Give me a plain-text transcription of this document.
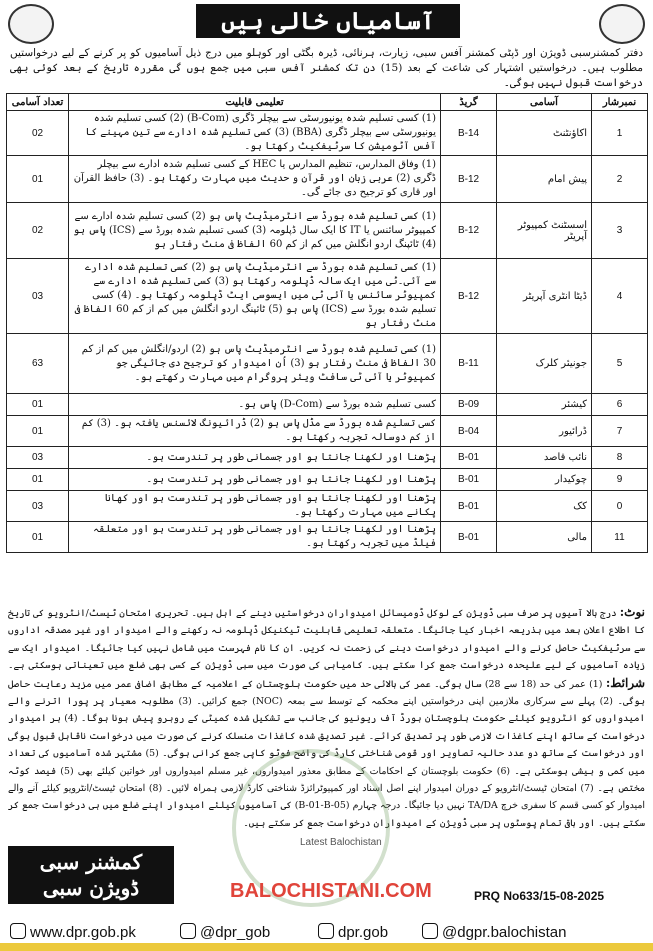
آسامیاں خالی ہیں
دفتر کمشنرسبی ڈویژن اور ڈپٹی کمشنر آفس سبی، زیارت، ہرنائی، ڈیرہ بگٹی اور کوہلو میں درج ذیل آسامیوں کو پر کرنے کے لیے درخواستیں مطلوب ہیں۔ درخواستیں اشتہار کی شاعت کے بعد (15) دن تک کمشنر آفس سبی میں جمع ہوں گی مقررہ تاریخ کے بعد کوئی بھی درخواست قبول نہیں ہوگی۔
تعداد آسامی	تعلیمی قابلیت	گریڈ	آسامی	نمبرشار
02	(1) کسی تسلیم شدہ یونیورسٹی سے بیچلر ڈگری (B-Com) (2) کسی تسلیم شدہ یونیورسٹی سے بیچلر ڈگری (BBA) (3) کسی تسلیم شدہ ادارے سے تین مہینے کا آفس آٹومیشن کا سرٹیفکیٹ رکھتا ہو۔	B-14	اکاؤنٹنٹ	1
01	(1) وفاق المدارس، تنظیم المدارس یا HEC کے کسی تسلیم شدہ ادارے سے بیچلر ڈگری (2) عربی زبان اور قرآن و حدیث میں مہارت رکھتا ہو۔ (3) حافظ القرآن اور قاری کو ترجیح دی جائے گی۔	B-12	پیش امام	2
02	(1) کسی تسلیم شدہ بورڈ سے انٹرمیڈیٹ پاس ہو (2) کسی تسلیم شدہ ادارے سے کمپیوٹر سائنس یا IT کا ایک سال ڈپلومہ (3) کسی تسلیم شدہ بورڈ سے (ICS) پاس ہو (4) ٹائپنگ اردو انگلش میں کم از کم 60 الفاظ فی منٹ رفتار ہو	B-12	اسسٹنٹ کمپیوٹر آپریٹر	3
03	(1) کسی تسلیم شدہ بورڈ سے انٹرمیڈیٹ پاس ہو (2) کسی تسلیم شدہ ادارے سے آئی۔ٹی میں ایک سالہ ڈپلومہ رکھتا ہو (3) کسی تسلیم شدہ ادارے سے کمپیوٹر سائنس یا آئی ٹی میں ایسوسی ایٹ ڈپلومہ رکھتا ہو۔ (4) کسی تسلیم شدہ بورڈ سے (ICS) پاس ہو (5) ٹائپنگ اردو انگلش میں کم از کم 60 الفاظ فی منٹ رفتار ہو	B-12	ڈیٹا انٹری آپریٹر	4
63	(1) کسی تسلیم شدہ بورڈ سے انٹرمیڈیٹ پاس ہو (2) اردو/انگلش میں کم از کم 30 الفاظ فی منٹ رفتار ہو (3) اُن امیدوار کو ترجیح دی جائیگی جو کمپیوٹر یا آئی ٹی سافٹ ویئر پروگرام میں مہارت رکھتے ہو۔	B-11	جونیئر کلرک	5
01	کسی تسلیم شدہ بورڈ سے (D-Com) پاس ہو۔	B-09	کیشئر	6
01	کسی تسلیم شدہ بورڈ سے مڈل پاس ہو (2) ڈرائیونگ لائسنس یافتہ ہو۔ (3) کم از کم دوسالہ تجربہ رکھتا ہو۔	B-04	ڈرائیور	7
03	پڑھنا اور لکھنا جانتا ہو اور جسمانی طور پر تندرست ہو۔	B-01	نائب قاصد	8
01	پڑھنا اور لکھنا جانتا ہو اور جسمانی طور پر تندرست ہو۔	B-01	چوکیدار	9
03	پڑھنا اور لکھنا جانتا ہو اور جسمانی طور پر تندرست ہو اور کھانا پکانے میں مہارت رکھتا ہو۔	B-01	کک	0
01	پڑھنا اور لکھنا جانتا ہو اور جسمانی طور پر تندرست ہو اور متعلقہ فیلڈ میں تجربہ رکھتا ہو۔	B-01	مالی	11
نوٹ: درج بالا آسیوں پر صرف سبی ڈویژن کے لوکل ڈومیسائل امیدواران درخواستیں دینے کے اہل ہیں۔ تحریری امتحان ٹیسٹ/انٹرویو کی تاریخ کا اطلاع اعلان بعد میں بذریعہ اخبار کیا جائیگا۔ متعلقہ تعلیمی قابلیت ٹیکنیکل ڈپلومہ نہ رکھنے والے امیدوار اور غیر مصدقہ اداروں سے سرٹیفکیٹ حاصل کرنے والے امیدوار درخواست دینے کی زحمت نہ کریں۔ ان کا نام فہرست میں شامل نہیں کیا جائیگا۔ امیدوار ایک سے زیادہ آسامیوں کے لیے علیحدہ درخواست جمع کرا سکتے ہیں۔ کامیابی کی صورت میں سبی ڈویژن کے کسی بھی ضلع میں تعیناتی ہوسکتی ہے۔ شرائط: (1) عمر کی حد (18 سے 28) سال ہوگی۔ عمر کی بالائی حد میں حکومت بلوچستان کے اعلامیہ کے مطابق اضافی عمر میں مزید رعایت حاصل ہوگی۔ (2) پہلے سے سرکاری ملازمین اپنی درخواستیں اپنے محکمہ کے توسط سے بمعہ (NOC) جمع کرائیں۔ (3) مطلوبہ معیار پر پورا اترنے والے امیدواروں کو انٹرویو کیلئے حکومت بلوچستان بورڈ آف ریونیو کی جانب سے تشکیل شدہ کمیٹی کے روبرو پیش ہونا ہوگا۔ (4) ہر امیدوار درخواست کے ساتھ اپنے کاغذات لازمی طور پر تصدیق کرائے۔ غیر تصدیق شدہ کاغذات منسلک کرنے کی صورت میں درخواست ناقابل قبول ہوگی اور درخواست کے ساتھ دو عدد حالیہ تصاویر اور قومی شناختی کارڈ کی واضح فوٹو کاپی جمع کرانی ہوگی۔ (5) مشتہر شدہ آسامیوں کی تعداد میں کمی و بیشی ہوسکتی ہے۔ (6) حکومت بلوچستان کے احکامات کے مطابق معذور امیدواروں، غیر مسلم امیدواروں اور خواتین کیلئے بھی (5) فیصد کوٹہ مختص ہے۔ (7) امتحان ٹیسٹ/انٹرویو کے دوران امیدوار اپنے اصل اسناد اور کمپیوٹرائزڈ شناختی کارڈ لازمی ہمراہ لائیں۔ (8) امتحان ٹیسٹ/انٹرویو کیلئے آنے والے امیدوار کو کسی قسم کا سفری خرچ TA/DA نہیں دیا جائیگا۔ درجہ چہارم (B-01-B-05) کی آسامیوں کیلئے امیدوار اپنے ضلع میں ہی درخواست جمع کر سکتے ہیں۔ اور باقی تمام پوسٹوں پر سبی ڈویژن کے امیدواران درخواست جمع کر سکتے ہیں۔
Latest Balochistan
کمشنر سبی
ڈویژن سبی	BALOCHISTANI.COM	PRQ No633/15-08-2025
www.dpr.gob.pk	@dpr_gob	dpr.gob	@dgpr.balochistan
